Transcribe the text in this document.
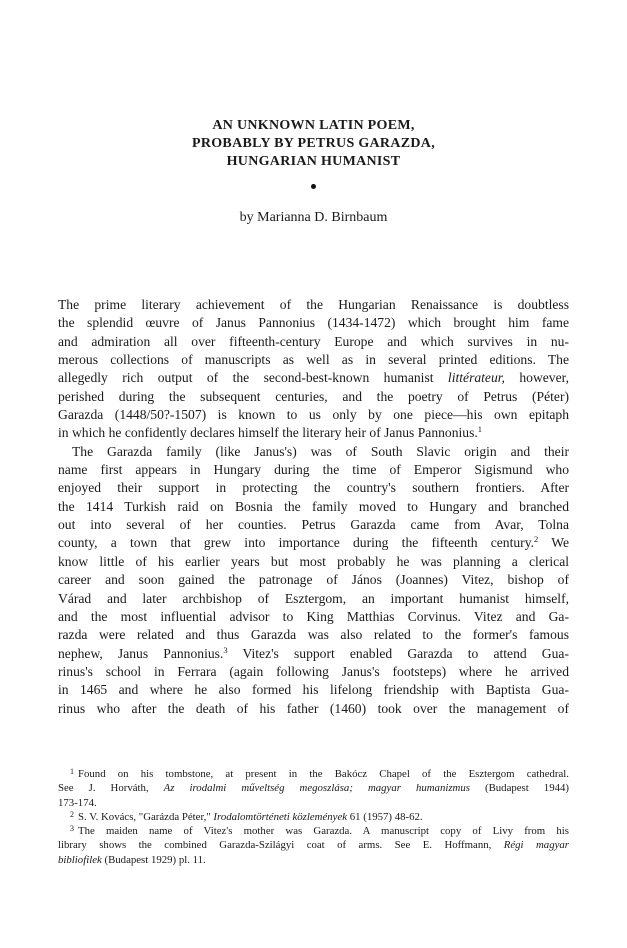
AN UNKNOWN LATIN POEM,
PROBABLY BY PETRUS GARAZDA,
HUNGARIAN HUMANIST
by Marianna D. Birnbaum
The prime literary achievement of the Hungarian Renaissance is doubtless
the splendid œuvre of Janus Pannonius (1434-1472) which brought him fame
and admiration all over fifteenth-century Europe and which survives in nu-
merous collections of manuscripts as well as in several printed editions. The
allegedly rich output of the second-best-known humanist littérateur, however,
perished during the subsequent centuries, and the poetry of Petrus (Péter)
Garazda (1448/50?-1507) is known to us only by one piece—his own epitaph
in which he confidently declares himself the literary heir of Janus Pannonius.$^1$
The Garazda family (like Janus's) was of South Slavic origin and their
name first appears in Hungary during the time of Emperor Sigismund who
enjoyed their support in protecting the country's southern frontiers. After
the 1414 Turkish raid on Bosnia the family moved to Hungary and branched
out into several of her counties. Petrus Garazda came from Avar, Tolna
county, a town that grew into importance during the fifteenth century.$^2$ We
know little of his earlier years but most probably he was planning a clerical
career and soon gained the patronage of János (Joannes) Vitez, bishop of
Várad and later archbishop of Esztergom, an important humanist himself,
and the most influential advisor to King Matthias Corvinus. Vitez and Ga-
razda were related and thus Garazda was also related to the former's famous
nephew, Janus Pannonius.$^3$ Vitez's support enabled Garazda to attend Gua-
rinus's school in Ferrara (again following Janus's footsteps) where he arrived
in 1465 and where he also formed his lifelong friendship with Baptista Gua-
rinus who after the death of his father (1460) took over the management of
$^1$ Found on his tombstone, at present in the Bakócz Chapel of the Esztergom cathedral.
See J. Horváth, Az irodalmi műveltség megoszlása; magyar humanizmus (Budapest 1944)
173-174.
$^2$ S. V. Kovács, "Garázda Péter," Irodalomtörténeti közlemények 61 (1957) 48-62.
$^3$ The maiden name of Vitez's mother was Garazda. A manuscript copy of Livy from his
library shows the combined Garazda-Szilágyi coat of arms. See E. Hoffmann, Régi magyar
bibliofilek (Budapest 1929) pl. 11.
